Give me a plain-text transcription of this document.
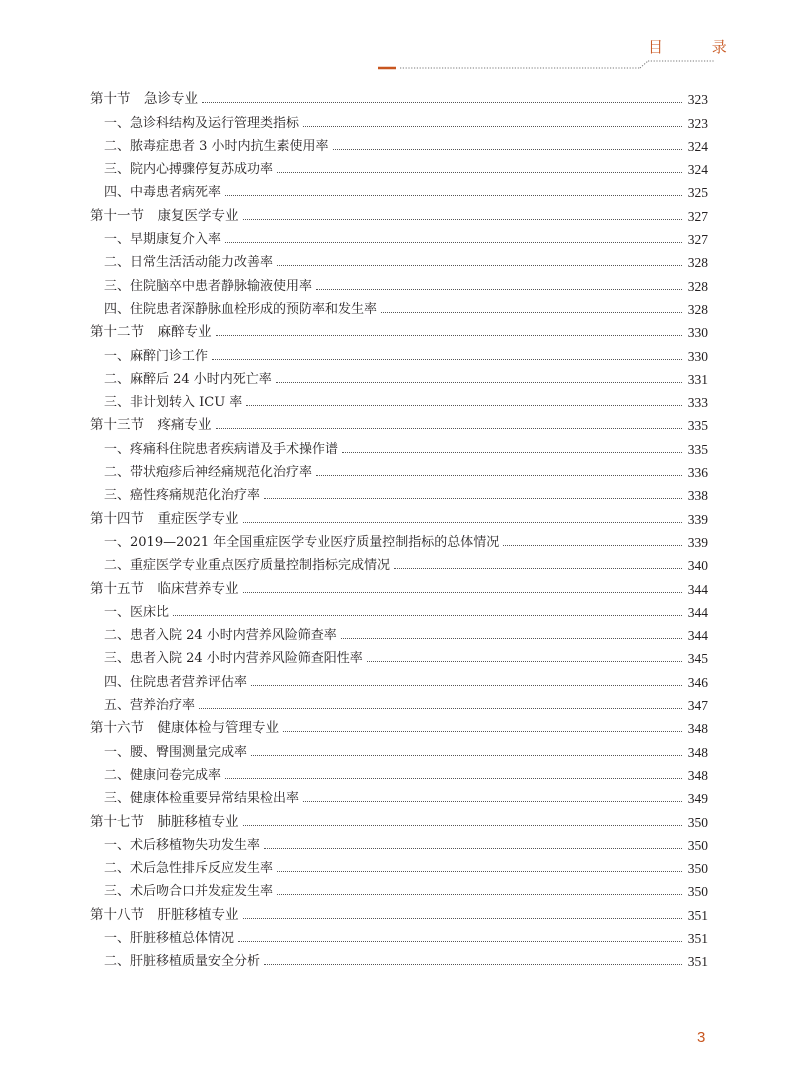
目 录
第十节　急诊专业	323
一、急诊科结构及运行管理类指标	323
二、脓毒症患者 3 小时内抗生素使用率	324
三、院内心搏骤停复苏成功率	324
四、中毒患者病死率	325
第十一节　康复医学专业	327
一、早期康复介入率	327
二、日常生活活动能力改善率	328
三、住院脑卒中患者静脉输液使用率	328
四、住院患者深静脉血栓形成的预防率和发生率	328
第十二节　麻醉专业	330
一、麻醉门诊工作	330
二、麻醉后 24 小时内死亡率	331
三、非计划转入 ICU 率	333
第十三节　疼痛专业	335
一、疼痛科住院患者疾病谱及手术操作谱	335
二、带状疱疹后神经痛规范化治疗率	336
三、癌性疼痛规范化治疗率	338
第十四节　重症医学专业	339
一、2019—2021 年全国重症医学专业医疗质量控制指标的总体情况	339
二、重症医学专业重点医疗质量控制指标完成情况	340
第十五节　临床营养专业	344
一、医床比	344
二、患者入院 24 小时内营养风险筛查率	344
三、患者入院 24 小时内营养风险筛查阳性率	345
四、住院患者营养评估率	346
五、营养治疗率	347
第十六节　健康体检与管理专业	348
一、腰、臀围测量完成率	348
二、健康问卷完成率	348
三、健康体检重要异常结果检出率	349
第十七节　肺脏移植专业	350
一、术后移植物失功发生率	350
二、术后急性排斥反应发生率	350
三、术后吻合口并发症发生率	350
第十八节　肝脏移植专业	351
一、肝脏移植总体情况	351
二、肝脏移植质量安全分析	351
3
